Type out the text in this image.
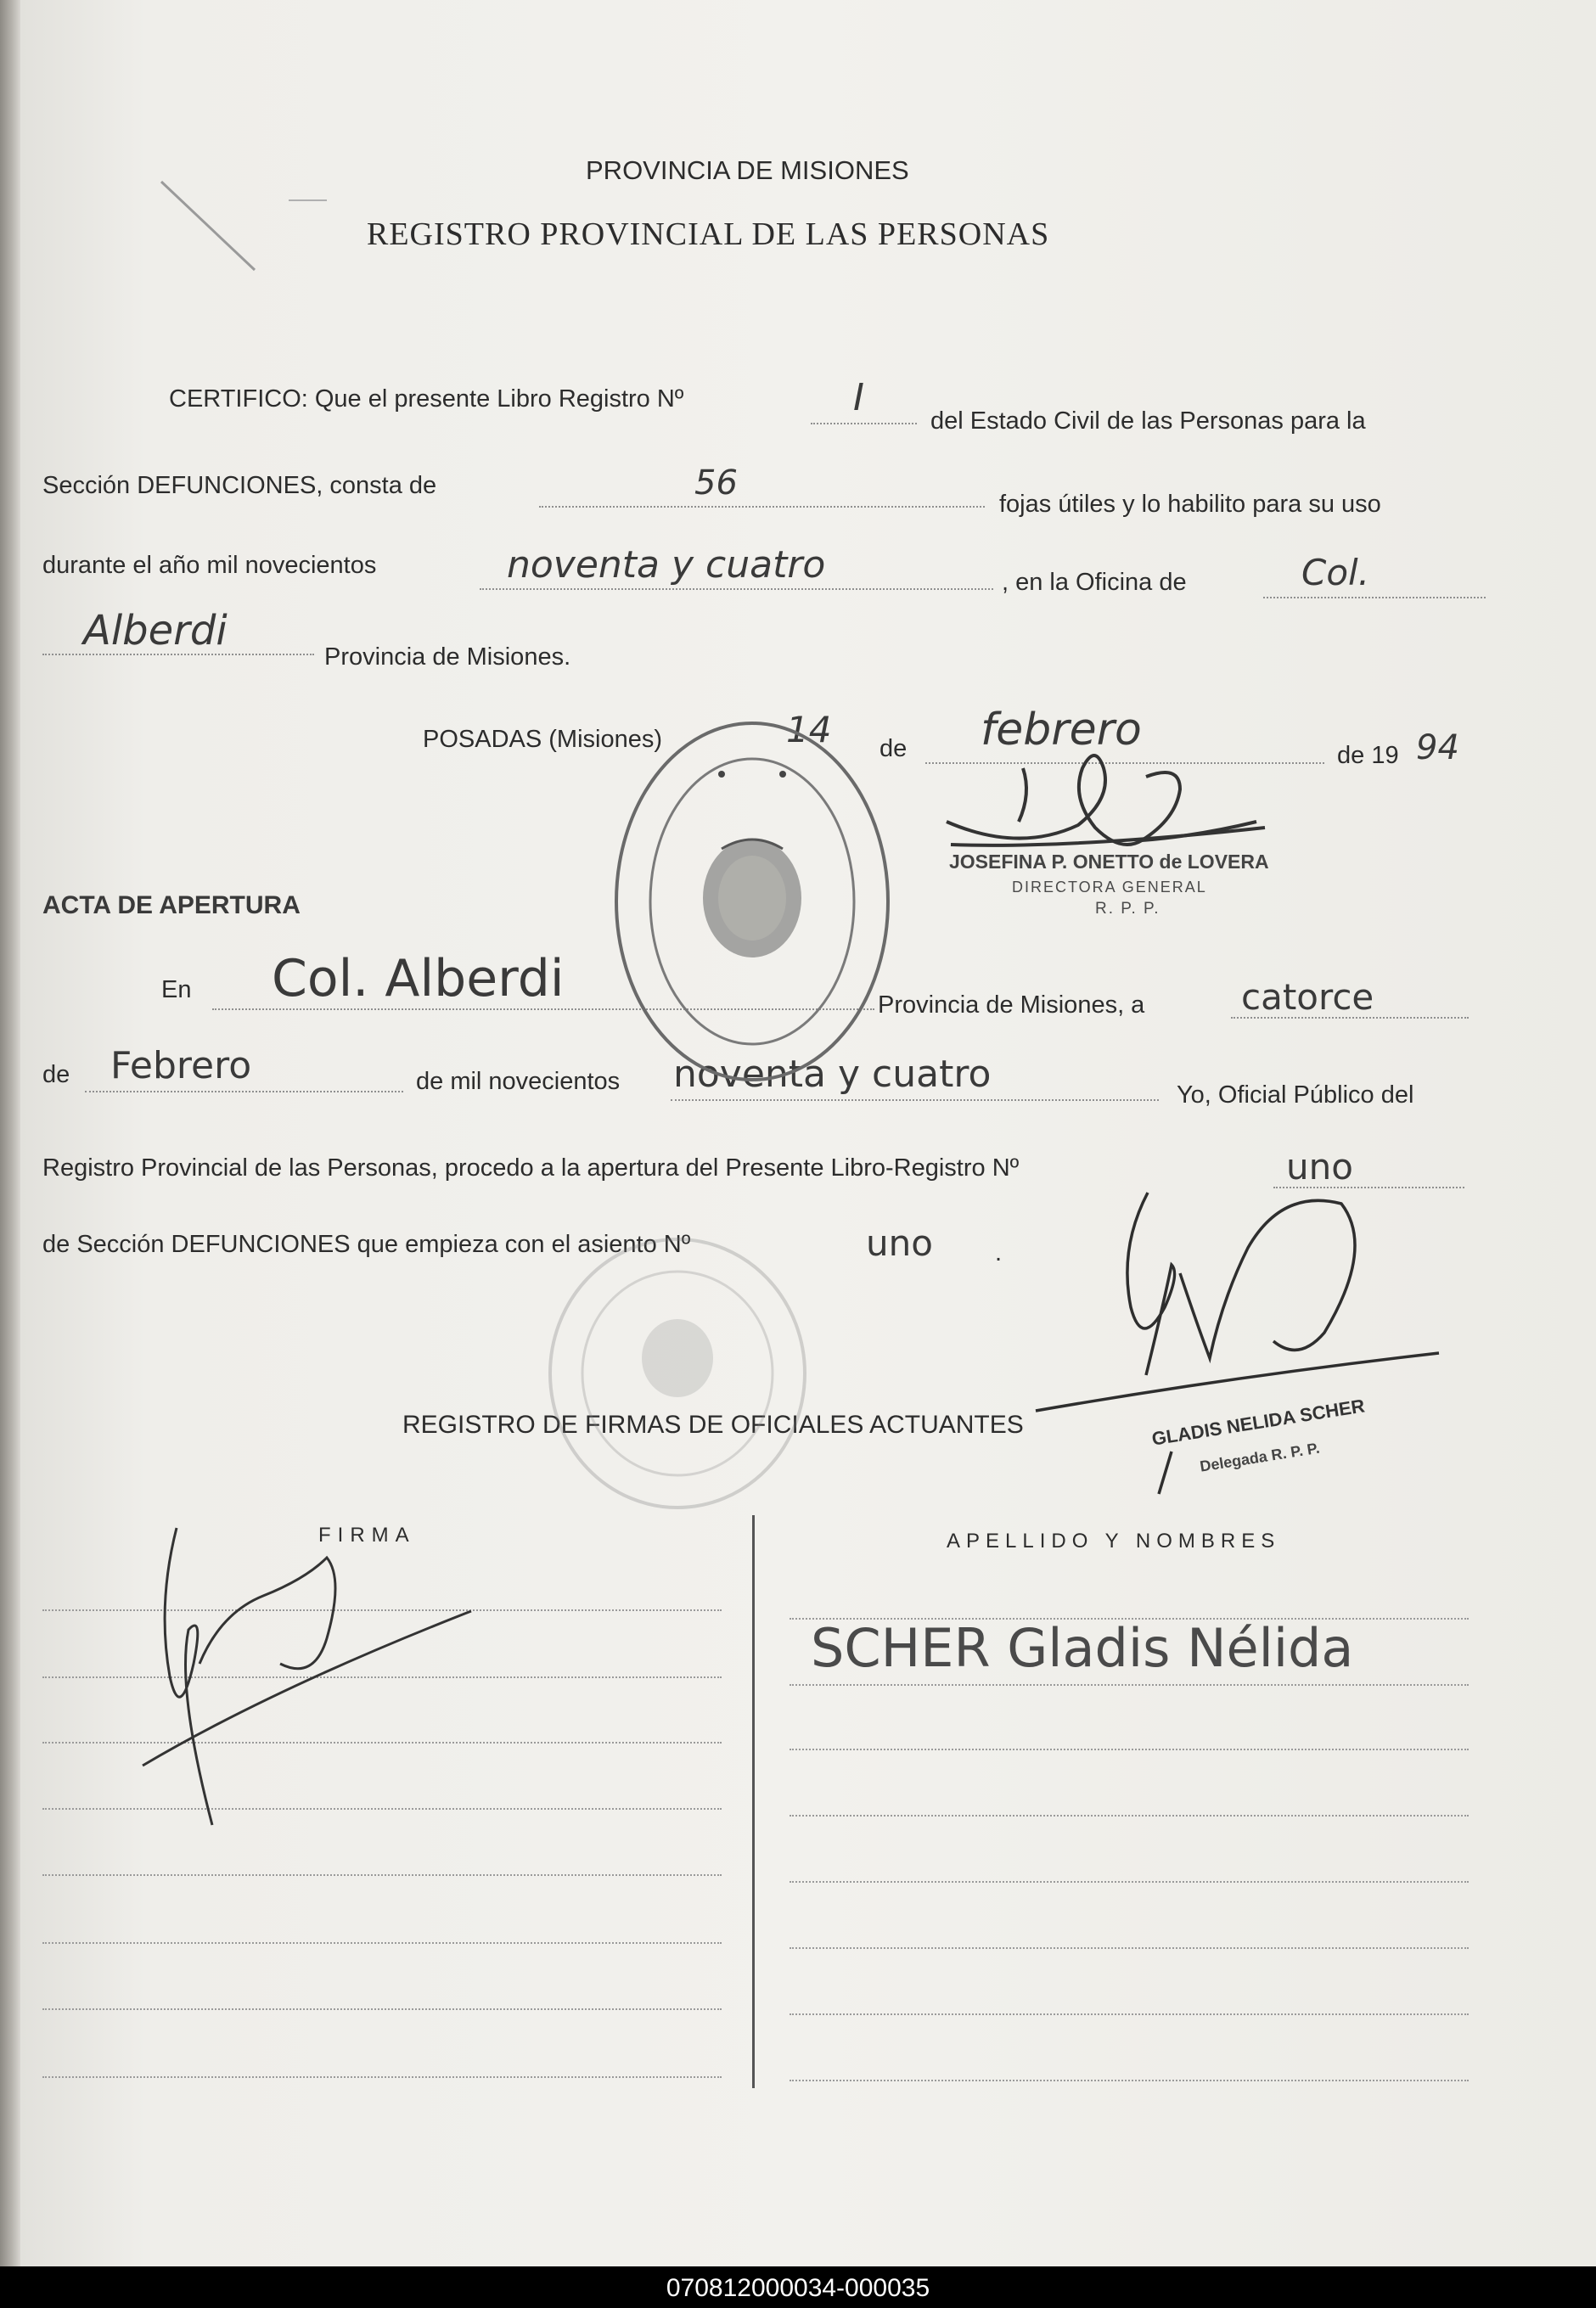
PROVINCIA DE MISIONES
REGISTRO PROVINCIAL DE LAS PERSONAS
CERTIFICO: Que el presente Libro Registro Nº	I
del Estado Civil de las Personas para la
Sección DEFUNCIONES, consta de	56
fojas útiles y lo habilito para su uso
durante el año mil novecientos	noventa y cuatro	, en la Oficina de	Col.
Alberdi
Provincia de Misiones.
POSADAS (Misiones)	14 de febrero	de 19 94
JOSEFINA P. ONETTO de LOVERA
DIRECTORA GENERAL
R. P. P.
ACTA DE APERTURA
En Col. Alberdi	Provincia de Misiones, a	catorce
de Febrero	de mil novecientos noventa y cuatro	Yo, Oficial Público del
Registro Provincial de las Personas, procedo a la apertura del Presente Libro-Registro Nº	uno
de Sección DEFUNCIONES que empieza con el asiento Nº	uno	.
REGISTRO DE FIRMAS DE OFICIALES ACTUANTES	GLADIS NELIDA SCHER
Delegada R. P. P.
FIRMA	APELLIDO Y NOMBRES
SCHER Gladis Nélida
070812000034-000035
